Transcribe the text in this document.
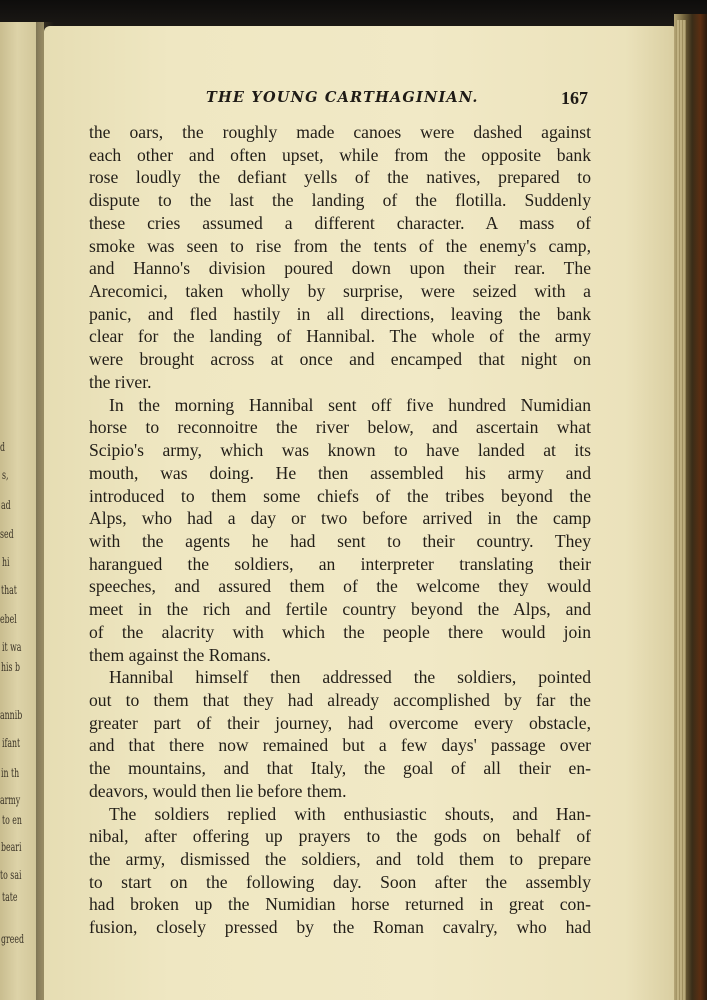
d
s,
ad
sed
hi
that
ebel
it wa
his b
annib
ifant
in th
army
to en
beari
to sai
tate
greed
THE YOUNG CARTHAGINIAN.	167
the oars, the roughly made canoes were dashed against
each other and often upset, while from the opposite bank
rose loudly the defiant yells of the natives, prepared to
dispute to the last the landing of the flotilla. Suddenly
these cries assumed a different character. A mass of
smoke was seen to rise from the tents of the enemy's camp,
and Hanno's division poured down upon their rear. The
Arecomici, taken wholly by surprise, were seized with a
panic, and fled hastily in all directions, leaving the bank
clear for the landing of Hannibal. The whole of the army
were brought across at once and encamped that night on
the river.
In the morning Hannibal sent off five hundred Numidian
horse to reconnoitre the river below, and ascertain what
Scipio's army, which was known to have landed at its
mouth, was doing. He then assembled his army and
introduced to them some chiefs of the tribes beyond the
Alps, who had a day or two before arrived in the camp
with the agents he had sent to their country. They
harangued the soldiers, an interpreter translating their
speeches, and assured them of the welcome they would
meet in the rich and fertile country beyond the Alps, and
of the alacrity with which the people there would join
them against the Romans.
Hannibal himself then addressed the soldiers, pointed
out to them that they had already accomplished by far the
greater part of their journey, had overcome every obstacle,
and that there now remained but a few days' passage over
the mountains, and that Italy, the goal of all their en-
deavors, would then lie before them.
The soldiers replied with enthusiastic shouts, and Han-
nibal, after offering up prayers to the gods on behalf of
the army, dismissed the soldiers, and told them to prepare
to start on the following day. Soon after the assembly
had broken up the Numidian horse returned in great con-
fusion, closely pressed by the Roman cavalry, who had
